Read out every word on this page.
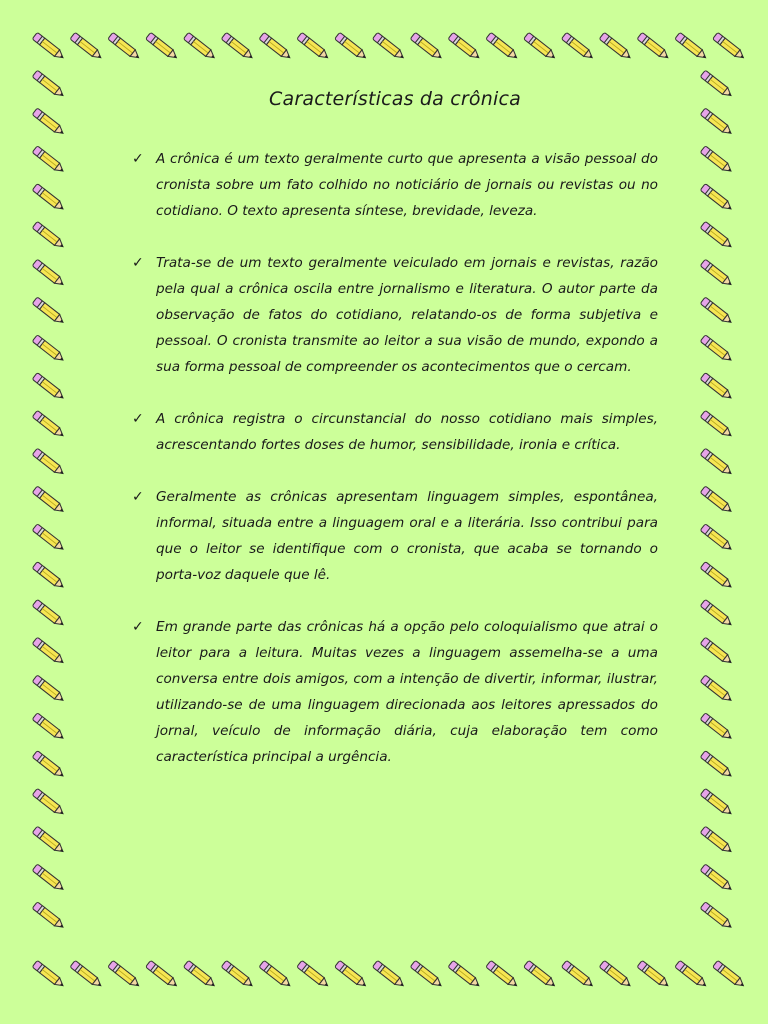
Características da crônica
✓ A crônica é um texto geralmente curto que apresenta a visão pessoal do cronista sobre um fato colhido no noticiário de jornais ou revistas ou no cotidiano. O texto apresenta síntese, brevidade, leveza.
✓ Trata-se de um texto geralmente veiculado em jornais e revistas, razão pela qual a crônica oscila entre jornalismo e literatura. O autor parte da observação de fatos do cotidiano, relatando-os de forma subjetiva e pessoal. O cronista transmite ao leitor a sua visão de mundo, expondo a sua forma pessoal de compreender os acontecimentos que o cercam.
✓ A crônica registra o circunstancial do nosso cotidiano mais simples, acrescentando fortes doses de humor, sensibilidade, ironia e crítica.
✓ Geralmente as crônicas apresentam linguagem simples, espontânea, informal, situada entre a linguagem oral e a literária. Isso contribui para que o leitor se identifique com o cronista, que acaba se tornando o porta-voz daquele que lê.
✓ Em grande parte das crônicas há a opção pelo coloquialismo que atrai o leitor para a leitura. Muitas vezes a linguagem assemelha-se a uma conversa entre dois amigos, com a intenção de divertir, informar, ilustrar, utilizando-se de uma linguagem direcionada aos leitores apressados do jornal, veículo de informação diária, cuja elaboração tem como característica principal a urgência.
